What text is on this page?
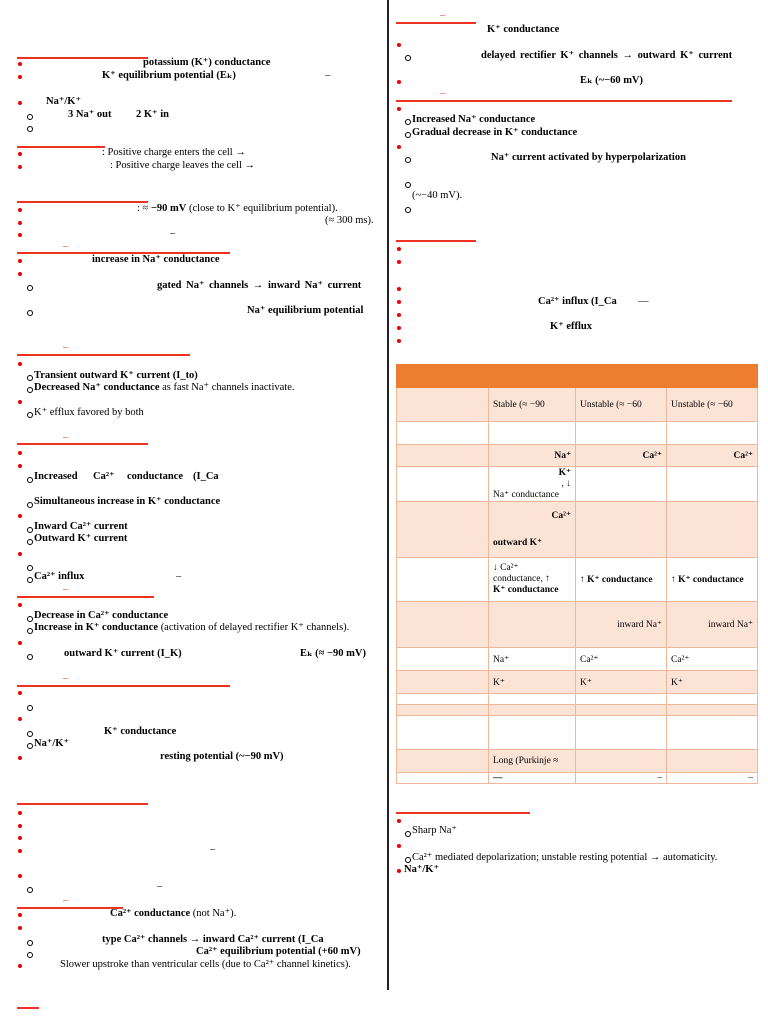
potassium (K⁺) conductance
K⁺ equilibrium potential (Eₖ)	–
Na⁺/K⁺
3 Na⁺ out 2 K⁺ in
: Positive charge enters the cell →
: Positive charge leaves the cell →
: ≈ −90 mV (close to K⁺ equilibrium potential).
(≈ 300 ms).
–
–
increase in Na⁺ conductance
gated Na⁺ channels → inward Na⁺ current
Na⁺ equilibrium potential
–
Transient outward K⁺ current (I_to)
Decreased Na⁺ conductance as fast Na⁺ channels inactivate.
K⁺ efflux favored by both
–
Increased Ca²⁺ conductance (I_Ca
Simultaneous increase in K⁺ conductance
Inward Ca²⁺ current
Outward K⁺ current
Ca²⁺ influx	–
–
Decrease in Ca²⁺ conductance
Increase in K⁺ conductance (activation of delayed rectifier K⁺ channels).
outward K⁺ current (I_K)	Eₖ (≈ −90 mV)
–
K⁺ conductance
Na⁺/K⁺
resting potential (~−90 mV)
–
–
–
Ca²⁺ conductance (not Na⁺).
type Ca²⁺ channels → inward Ca²⁺ current (I_Ca
Ca²⁺ equilibrium potential (+60 mV)
Slower upstroke than ventricular cells (due to Ca²⁺ channel kinetics).
–
K⁺ conductance
delayed rectifier K⁺ channels → outward K⁺ current
Eₖ (~−60 mV)
–
Increased Na⁺ conductance
Gradual decrease in K⁺ conductance
Na⁺ current activated by hyperpolarization
(~−40 mV).
Ca²⁺ influx (I_Ca —
K⁺ efflux

	Stable (≈ −90	Unstable (≈ −60	Unstable (≈ −60

	Na⁺	Ca²⁺	Ca²⁺

	K⁺
, ↓
Na⁺ conductance		

	Ca²⁺
outward K⁺		

	↓ Ca²⁺
conductance, ↑
K⁺ conductance	↑ K⁺ conductance	↑ K⁺ conductance
		inward Na⁺	inward Na⁺
	Na⁺	Ca²⁺	Ca²⁺
	K⁺	K⁺	K⁺

	Long (Purkinje ≈		
	—	–	–
Sharp Na⁺
Ca²⁺ mediated depolarization; unstable resting potential → automaticity.
Na⁺/K⁺
